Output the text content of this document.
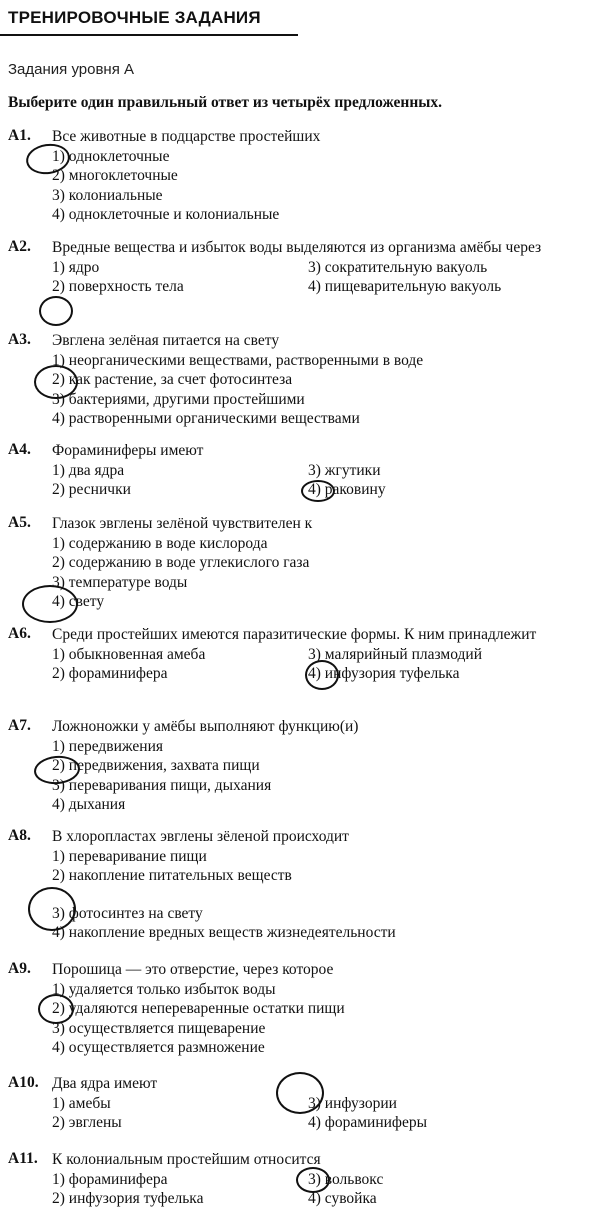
ТРЕНИРОВОЧНЫЕ ЗАДАНИЯ
Задания уровня А
Выберите один правильный ответ из четырёх предложенных.
А1. Все животные в подцарстве простейших
1) одноклеточные
2) многоклеточные
3) колониальные
4) одноклеточные и колониальные
А2. Вредные вещества и избыток воды выделяются из организма амёбы через
1) ядро	3) сократительную вакуоль
2) поверхность тела	4) пищеварительную вакуоль
А3. Эвглена зелёная питается на свету
1) неорганическими веществами, растворенными в воде
2) как растение, за счет фотосинтеза
3) бактериями, другими простейшими
4) растворенными органическими веществами
А4. Фораминиферы имеют
1) два ядра	3) жгутики
2) реснички	4) раковину
А5. Глазок эвглены зелёной чувствителен к
1) содержанию в воде кислорода
2) содержанию в воде углекислого газа
3) температуре воды
4) свету
А6. Среди простейших имеются паразитические формы. К ним принадлежит
1) обыкновенная амеба	3) малярийный плазмодий
2) фораминифера	4) инфузория туфелька
А7. Ложноножки у амёбы выполняют функцию(и)
1) передвижения
2) передвижения, захвата пищи
3) переваривания пищи, дыхания
4) дыхания
А8. В хлоропластах эвглены зёленой происходит
1) переваривание пищи
2) накопление питательных веществ
3) фотосинтез на свету
4) накопление вредных веществ жизнедеятельности
А9. Порошица — это отверстие, через которое
1) удаляется только избыток воды
2) удаляются непереваренные остатки пищи
3) осуществляется пищеварение
4) осуществляется размножение
А10. Два ядра имеют
1) амебы	3) инфузории
2) эвглены	4) фораминиферы
А11. К колониальным простейшим относится
1) фораминифера	3) вольвокс
2) инфузория туфелька	4) сувойка
